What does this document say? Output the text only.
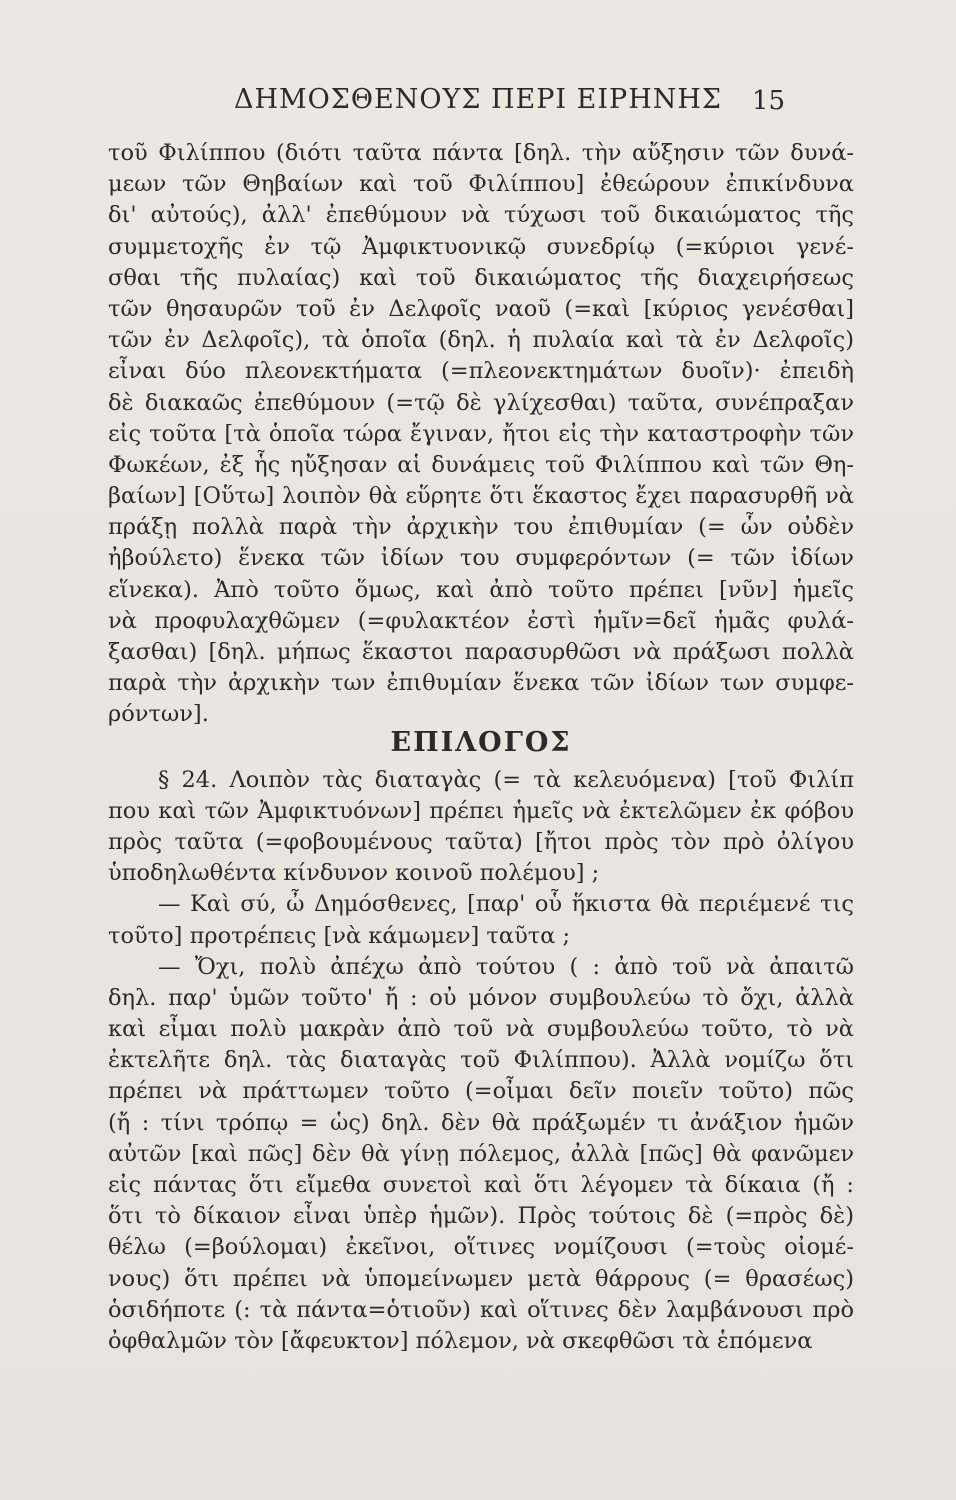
ΔΗΜΟΣΘΕΝΟΥΣ ΠΕΡΙ ΕΙΡΗΝΗΣ	15
τοῦ Φιλίππου (διότι ταῦτα πάντα [δηλ. τὴν αὔξησιν τῶν δυνά-
μεων τῶν Θηβαίων καὶ τοῦ Φιλίππου] ἐθεώρουν ἐπικίνδυνα
δι' αὐτούς), ἀλλ' ἐπεθύμουν νὰ τύχωσι τοῦ δικαιώματος τῆς
συμμετοχῆς ἐν τῷ Ἀμφικτυονικῷ συνεδρίῳ (=κύριοι γενέ-
σθαι τῆς πυλαίας) καὶ τοῦ δικαιώματος τῆς διαχειρήσεως
τῶν θησαυρῶν τοῦ ἐν Δελφοῖς ναοῦ (=καὶ [κύριος γενέσθαι]
τῶν ἐν Δελφοῖς), τὰ ὁποῖα (δηλ. ἡ πυλαία καὶ τὰ ἐν Δελφοῖς)
εἶναι δύο πλεονεκτήματα (=πλεονεκτημάτων δυοῖν)· ἐπειδὴ
δὲ διακαῶς ἐπεθύμουν (=τῷ δὲ γλίχεσθαι) ταῦτα, συνέπραξαν
εἰς τοῦτα [τὰ ὁποῖα τώρα ἔγιναν, ἤτοι εἰς τὴν καταστροφὴν τῶν
Φωκέων, ἐξ ἧς ηὔξησαν αἱ δυνάμεις τοῦ Φιλίππου καὶ τῶν Θη-
βαίων] [Οὕτω] λοιπὸν θὰ εὕρητε ὅτι ἕκαστος ἔχει παρασυρθῆ νὰ
πράξῃ πολλὰ παρὰ τὴν ἀρχικὴν του ἐπιθυμίαν (= ὧν οὐδὲν
ἠβούλετο) ἕνεκα τῶν ἰδίων του συμφερόντων (= τῶν ἰδίων
εἵνεκα). Ἀπὸ τοῦτο ὅμως, καὶ ἀπὸ τοῦτο πρέπει [νῦν] ἡμεῖς
νὰ προφυλαχθῶμεν (=φυλακτέον ἐστὶ ἡμῖν=δεῖ ἡμᾶς φυλά-
ξασθαι) [δηλ. μήπως ἕκαστοι παρασυρθῶσι νὰ πράξωσι πολλὰ
παρὰ τὴν ἀρχικὴν των ἐπιθυμίαν ἕνεκα τῶν ἰδίων των συμφε-
ρόντων].
ΕΠΙΛΟΓΟΣ
§ 24. Λοιπὸν τὰς διαταγὰς (= τὰ κελευόμενα) [τοῦ Φιλίπ
που καὶ τῶν Ἀμφικτυόνων] πρέπει ἡμεῖς νὰ ἐκτελῶμεν ἐκ φόβου
πρὸς ταῦτα (=φοβουμένους ταῦτα) [ἤτοι πρὸς τὸν πρὸ ὀλίγου
ὑποδηλωθέντα κίνδυνον κοινοῦ πολέμου] ;
— Καὶ σύ, ὦ Δημόσθενες, [παρ' οὗ ἥκιστα θὰ περιέμενέ τις
τοῦτο] προτρέπεις [νὰ κάμωμεν] ταῦτα ;
— Ὄχι, πολὺ ἀπέχω ἀπὸ τούτου ( : ἀπὸ τοῦ νὰ ἀπαιτῶ
δηλ. παρ' ὑμῶν τοῦτο' ἤ : οὐ μόνον συμβουλεύω τὸ ὄχι, ἀλλὰ
καὶ εἶμαι πολὺ μακρὰν ἀπὸ τοῦ νὰ συμβουλεύω τοῦτο, τὸ νὰ
ἐκτελῆτε δηλ. τὰς διαταγὰς τοῦ Φιλίππου). Ἀλλὰ νομίζω ὅτι
πρέπει νὰ πράττωμεν τοῦτο (=οἶμαι δεῖν ποιεῖν τοῦτο) πῶς
(ἤ : τίνι τρόπῳ = ὡς) δηλ. δὲν θὰ πράξωμέν τι ἀνάξιον ἡμῶν
αὐτῶν [καὶ πῶς] δὲν θὰ γίνῃ πόλεμος, ἀλλὰ [πῶς] θὰ φανῶμεν
εἰς πάντας ὅτι εἴμεθα συνετοὶ καὶ ὅτι λέγομεν τὰ δίκαια (ἤ :
ὅτι τὸ δίκαιον εἶναι ὑπὲρ ἡμῶν). Πρὸς τούτοις δὲ (=πρὸς δὲ)
θέλω (=βούλομαι) ἐκεῖνοι, οἵτινες νομίζουσι (=τοὺς οἰομέ-
νους) ὅτι πρέπει νὰ ὑπομείνωμεν μετὰ θάρρους (= θρασέως)
ὁσιδήποτε (: τὰ πάντα=ὁτιοῦν) καὶ οἵτινες δὲν λαμβάνουσι πρὸ
ὀφθαλμῶν τὸν [ἄφευκτον] πόλεμον, νὰ σκεφθῶσι τὰ ἑπόμενα
